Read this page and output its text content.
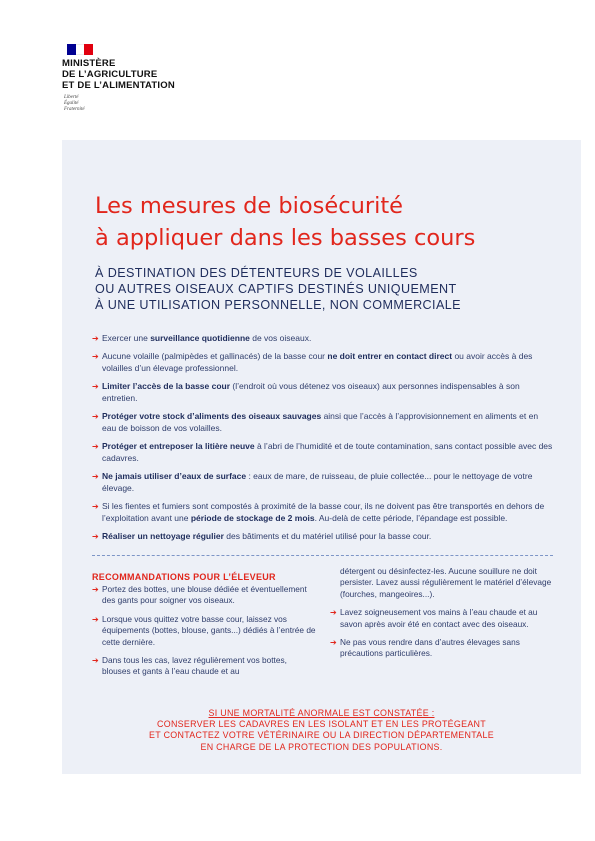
MINISTÈRE
DE L’AGRICULTURE
ET DE L’ALIMENTATION
Liberté
Égalité
Fraternité
Les mesures de biosécurité
à appliquer dans les basses cours
À DESTINATION DES DÉTENTEURS DE VOLAILLES
OU AUTRES OISEAUX CAPTIFS DESTINÉS UNIQUEMENT
À UNE UTILISATION PERSONNELLE, NON COMMERCIALE
➔ Exercer une surveillance quotidienne de vos oiseaux.
➔ Aucune volaille (palmipèdes et gallinacés) de la basse cour ne doit entrer en contact direct ou avoir accès à des volailles d’un élevage professionnel.
➔ Limiter l’accès de la basse cour (l’endroit où vous détenez vos oiseaux) aux personnes indispensables à son entretien.
➔ Protéger votre stock d’aliments des oiseaux sauvages ainsi que l’accès à l’approvisionnement en aliments et en eau de boisson de vos volailles.
➔ Protéger et entreposer la litière neuve à l’abri de l’humidité et de toute contamination, sans contact possible avec des cadavres.
➔ Ne jamais utiliser d’eaux de surface : eaux de mare, de ruisseau, de pluie collectée... pour le nettoyage de votre élevage.
➔ Si les fientes et fumiers sont compostés à proximité de la basse cour, ils ne doivent pas être transportés en dehors de l’exploitation avant une période de stockage de 2 mois. Au-delà de cette période, l’épandage est possible.
➔ Réaliser un nettoyage régulier des bâtiments et du matériel utilisé pour la basse cour.
RECOMMANDATIONS POUR L’ÉLEVEUR
➔ Portez des bottes, une blouse dédiée et éventuellement des gants pour soigner vos oiseaux.
➔ Lorsque vous quittez votre basse cour, laissez vos équipements (bottes, blouse, gants...) dédiés à l’entrée de cette dernière.
➔ Dans tous les cas, lavez régulièrement vos bottes, blouses et gants à l’eau chaude et au
détergent ou désinfectez-les. Aucune souillure ne doit persister. Lavez aussi régulièrement le matériel d’élevage (fourches, mangeoires...).
➔ Lavez soigneusement vos mains à l’eau chaude et au savon après avoir été en contact avec des oiseaux.
➔ Ne pas vous rendre dans d’autres élevages sans précautions particulières.
SI UNE MORTALITÉ ANORMALE EST CONSTATÉE :
CONSERVER LES CADAVRES EN LES ISOLANT ET EN LES PROTÉGEANT
ET CONTACTEZ VOTRE VÉTÉRINAIRE OU LA DIRECTION DÉPARTEMENTALE
EN CHARGE DE LA PROTECTION DES POPULATIONS.
